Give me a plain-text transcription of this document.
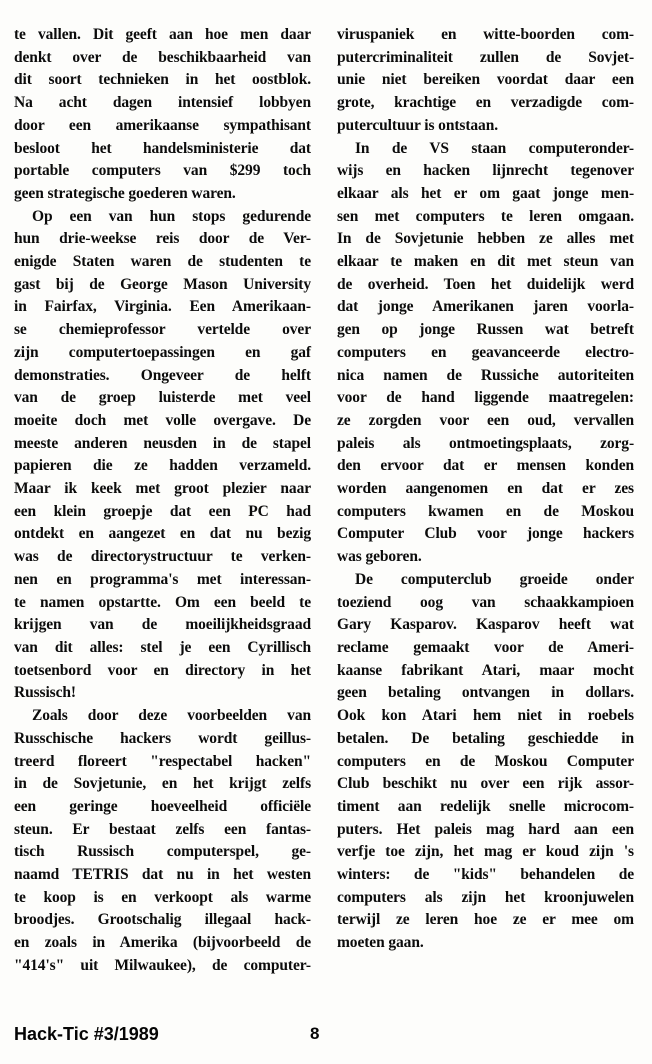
te vallen. Dit geeft aan hoe men daar
denkt over de beschikbaarheid van
dit soort technieken in het oostblok.
Na acht dagen intensief lobbyen
door een amerikaanse sympathisant
besloot het handelsministerie dat
portable computers van $299 toch
geen strategische goederen waren.
Op een van hun stops gedurende
hun drie-weekse reis door de Ver-
enigde Staten waren de studenten te
gast bij de George Mason University
in Fairfax, Virginia. Een Amerikaan-
se chemieprofessor vertelde over
zijn computertoepassingen en gaf
demonstraties. Ongeveer de helft
van de groep luisterde met veel
moeite doch met volle overgave. De
meeste anderen neusden in de stapel
papieren die ze hadden verzameld.
Maar ik keek met groot plezier naar
een klein groepje dat een PC had
ontdekt en aangezet en dat nu bezig
was de directorystructuur te verken-
nen en programma's met interessan-
te namen opstartte. Om een beeld te
krijgen van de moeilijkheidsgraad
van dit alles: stel je een Cyrillisch
toetsenbord voor en directory in het
Russisch!
Zoals door deze voorbeelden van
Russchische hackers wordt geillus-
treerd floreert "respectabel hacken"
in de Sovjetunie, en het krijgt zelfs
een geringe hoeveelheid officiële
steun. Er bestaat zelfs een fantas-
tisch Russisch computerspel, ge-
naamd TETRIS dat nu in het westen
te koop is en verkoopt als warme
broodjes. Grootschalig illegaal hack-
en zoals in Amerika (bijvoorbeeld de
"414's" uit Milwaukee), de computer-
viruspaniek en witte-boorden com-
putercriminaliteit zullen de Sovjet-
unie niet bereiken voordat daar een
grote, krachtige en verzadigde com-
putercultuur is ontstaan.
In de VS staan computeronder-
wijs en hacken lijnrecht tegenover
elkaar als het er om gaat jonge men-
sen met computers te leren omgaan.
In de Sovjetunie hebben ze alles met
elkaar te maken en dit met steun van
de overheid. Toen het duidelijk werd
dat jonge Amerikanen jaren voorla-
gen op jonge Russen wat betreft
computers en geavanceerde electro-
nica namen de Russiche autoriteiten
voor de hand liggende maatregelen:
ze zorgden voor een oud, vervallen
paleis als ontmoetingsplaats, zorg-
den ervoor dat er mensen konden
worden aangenomen en dat er zes
computers kwamen en de Moskou
Computer Club voor jonge hackers
was geboren.
De computerclub groeide onder
toeziend oog van schaakkampioen
Gary Kasparov. Kasparov heeft wat
reclame gemaakt voor de Ameri-
kaanse fabrikant Atari, maar mocht
geen betaling ontvangen in dollars.
Ook kon Atari hem niet in roebels
betalen. De betaling geschiedde in
computers en de Moskou Computer
Club beschikt nu over een rijk assor-
timent aan redelijk snelle microcom-
puters. Het paleis mag hard aan een
verfje toe zijn, het mag er koud zijn 's
winters: de "kids" behandelen de
computers als zijn het kroonjuwelen
terwijl ze leren hoe ze er mee om
moeten gaan.
Hack-Tic #3/1989	8
